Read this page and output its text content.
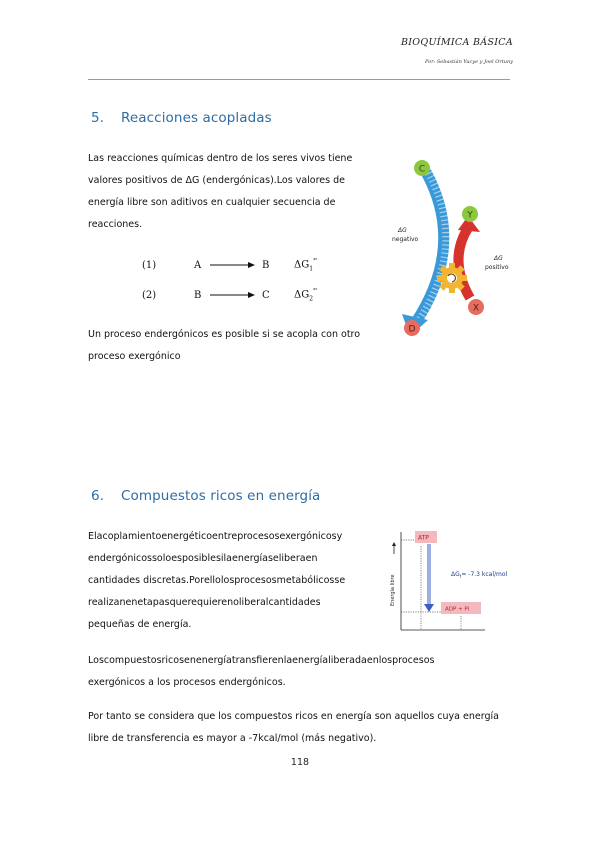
BIOQUÍMICA BÁSICA
Por: Sebastián Yucye y Joel Ortuny
5. Reacciones acopladas
Las reacciones químicas dentro de los seres vivos tiene
valores positivos de ΔG (endergónicas).Los valores de
energía libre son aditivos en cualquier secuencia de
reacciones.
(1)	A	B	$\Delta G_1^{^\circ'}$
(2)	B	C	$\Delta G_2^{^\circ'}$
Un proceso endergónicos es posible si se acopla con otro
proceso exergónico
C
D
Y
X
ΔG
negativo
ΔG
positivo
6. Compuestos ricos en energía
Elacoplamientoenergéticoentreprocesosexergónicosy
endergónicossoloesposiblesilaenergíaseliberaen
cantidades discretas.Porellolosprocesosmetabólicosse
realizanenetapasquerequierenoliberalcantidades
pequeñas de energía.
Energía libre
ATP
ADP + Pi
$\Delta G_t= -7.3$ kcal/mol
Loscompuestosricosenenergíatransfierenlaenergíaliberadaenlosprocesos
exergónicos a los procesos endergónicos.
Por tanto se considera que los compuestos ricos en energía son aquellos cuya energía
libre de transferencia es mayor a -7kcal/mol (más negativo).
118
